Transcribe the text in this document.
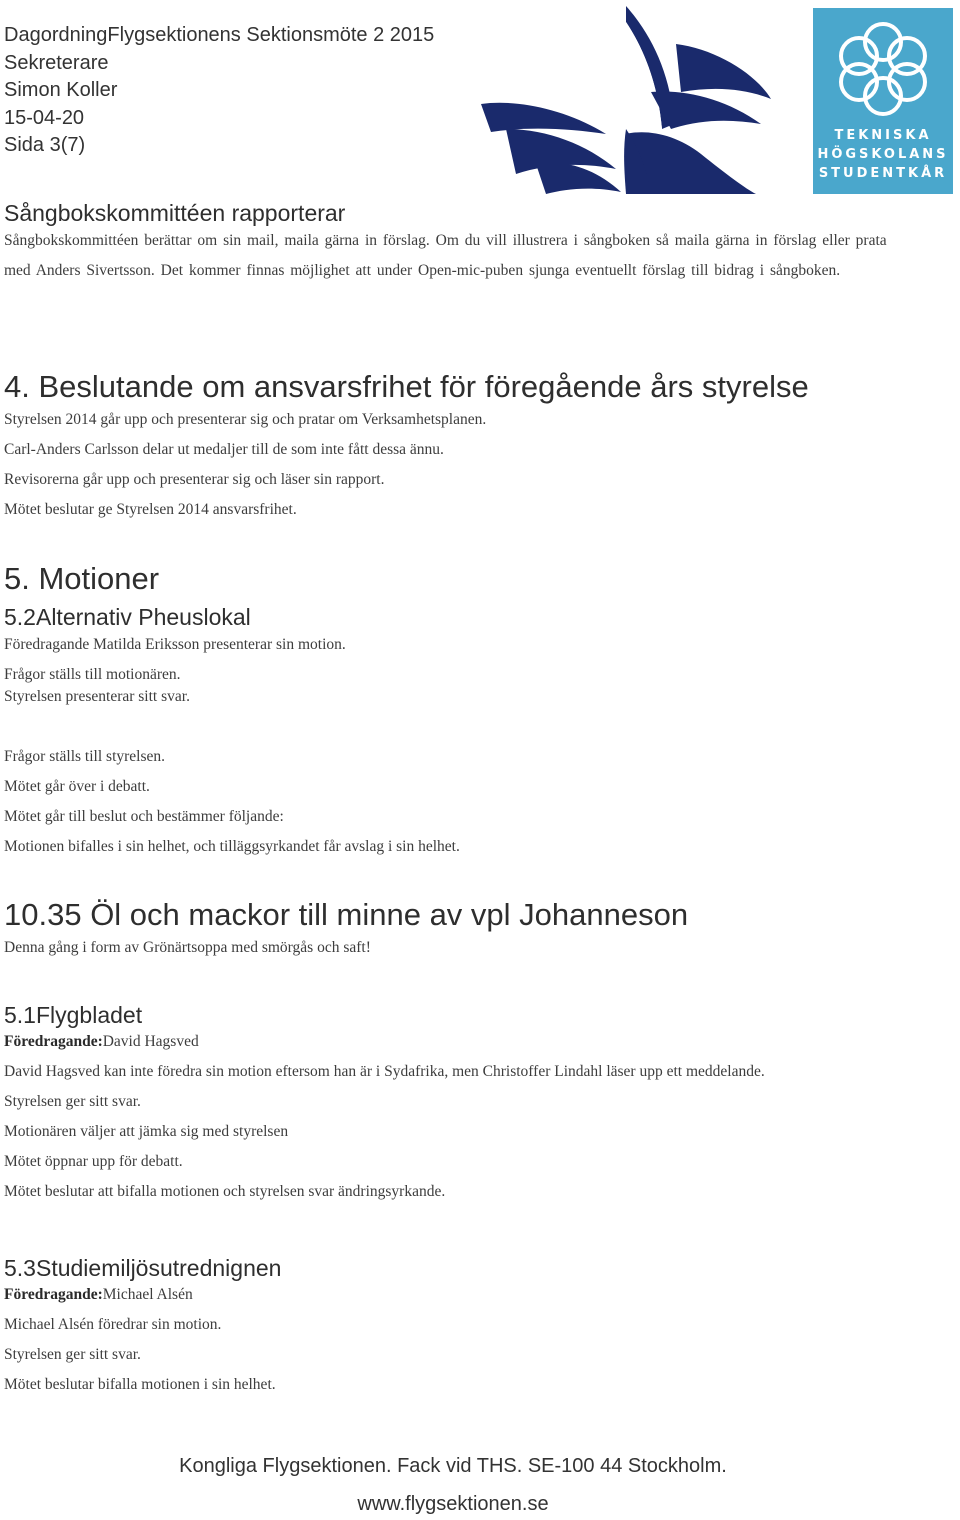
DagordningFlygsektionens Sektionsmöte 2 2015
Sekreterare
Simon Koller
15-04-20
Sida 3(7)	TEKNISKA
HÖGSKOLANS
STUDENTKÅR
Sångbokskommittéen rapporterar
Sångbokskommittéen berättar om sin mail, maila gärna in förslag. Om du vill illustrera i sångboken så maila gärna in förslag eller prata med Anders Sivertsson. Det kommer finnas möjlighet att under Open-mic-puben sjunga eventuellt förslag till bidrag i sångboken.
4. Beslutande om ansvarsfrihet för föregående års styrelse
Styrelsen 2014 går upp och presenterar sig och pratar om Verksamhetsplanen.
Carl-Anders Carlsson delar ut medaljer till de som inte fått dessa ännu.
Revisorerna går upp och presenterar sig och läser sin rapport.
Mötet beslutar ge Styrelsen 2014 ansvarsfrihet.
5. Motioner
5.2Alternativ Pheuslokal
Föredragande Matilda Eriksson presenterar sin motion.
Frågor ställs till motionären.
Styrelsen presenterar sitt svar.
Frågor ställs till styrelsen.
Mötet går över i debatt.
Mötet går till beslut och bestämmer följande:
Motionen bifalles i sin helhet, och tilläggsyrkandet får avslag i sin helhet.
10.35 Öl och mackor till minne av vpl Johanneson
Denna gång i form av Grönärtsoppa med smörgås och saft!
5.1Flygbladet
Föredragande:David Hagsved
David Hagsved kan inte föredra sin motion eftersom han är i Sydafrika, men Christoffer Lindahl läser upp ett meddelande.
Styrelsen ger sitt svar.
Motionären väljer att jämka sig med styrelsen
Mötet öppnar upp för debatt.
Mötet beslutar att bifalla motionen och styrelsen svar ändringsyrkande.
5.3Studiemiljösutrednignen
Föredragande:Michael Alsén
Michael Alsén föredrar sin motion.
Styrelsen ger sitt svar.
Mötet beslutar bifalla motionen i sin helhet.
Kongliga Flygsektionen. Fack vid THS. SE-100 44 Stockholm.
www.flygsektionen.se
